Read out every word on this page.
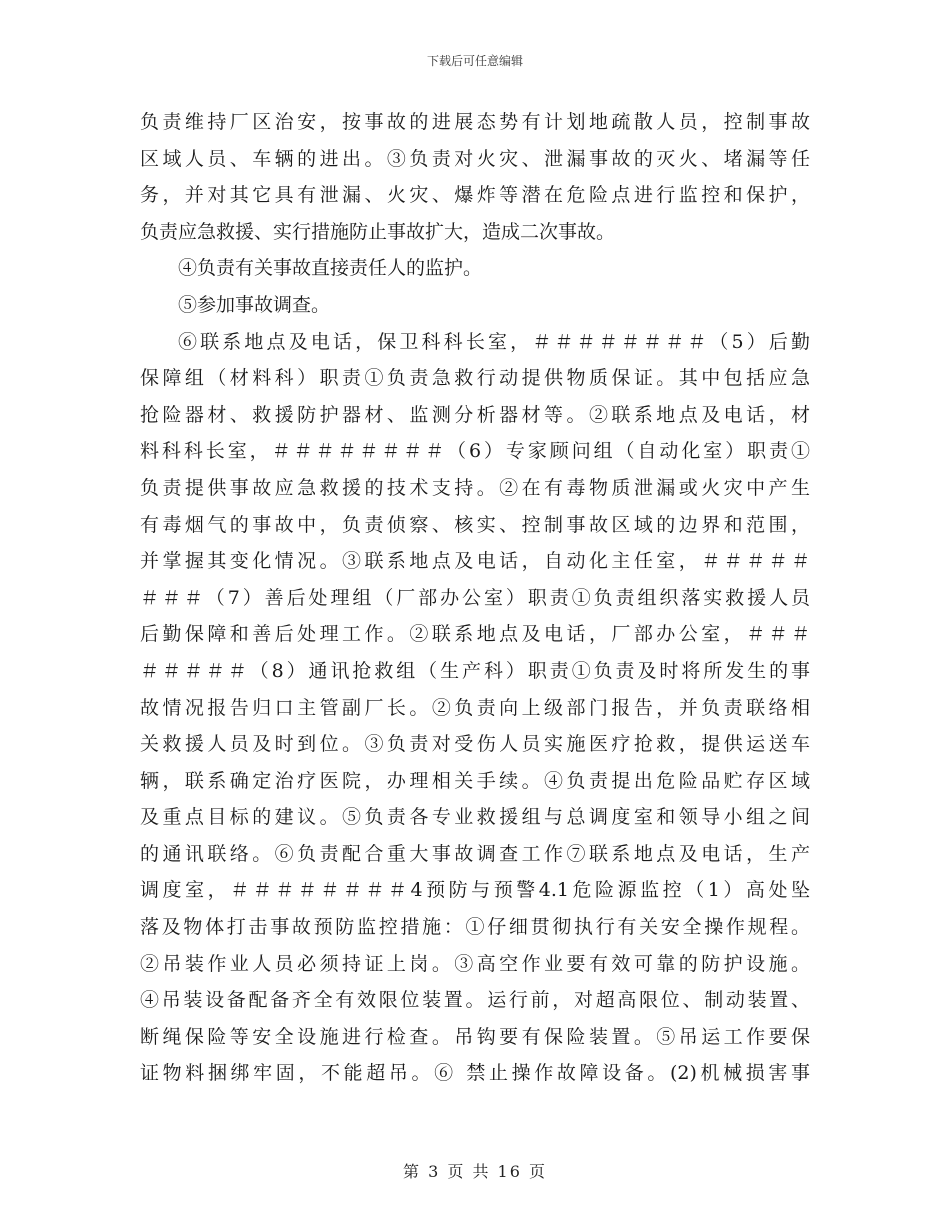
下载后可任意编辑
负责维持厂区治安，按事故的进展态势有计划地疏散人员，控制事故
区域人员、车辆的进出。③负责对火灾、泄漏事故的灭火、堵漏等任
务，并对其它具有泄漏、火灾、爆炸等潜在危险点进行监控和保护，
负责应急救援、实行措施防止事故扩大，造成二次事故。
④负责有关事故直接责任人的监护。
⑤参加事故调查。
⑥联系地点及电话，保卫科科长室，＃＃＃＃＃＃＃＃（5）后勤
保障组（材料科）职责①负责急救行动提供物质保证。其中包括应急
抢险器材、救援防护器材、监测分析器材等。②联系地点及电话，材
料科科长室，＃＃＃＃＃＃＃＃（6）专家顾问组（自动化室）职责①
负责提供事故应急救援的技术支持。②在有毒物质泄漏或火灾中产生
有毒烟气的事故中，负责侦察、核实、控制事故区域的边界和范围，
并掌握其变化情况。③联系地点及电话，自动化主任室，＃＃＃＃＃
＃＃＃（7）善后处理组（厂部办公室）职责①负责组织落实救援人员
后勤保障和善后处理工作。②联系地点及电话，厂部办公室，＃＃＃
＃＃＃＃＃（8）通讯抢救组（生产科）职责①负责及时将所发生的事
故情况报告归口主管副厂长。②负责向上级部门报告，并负责联络相
关救援人员及时到位。③负责对受伤人员实施医疗抢救，提供运送车
辆，联系确定治疗医院，办理相关手续。④负责提出危险品贮存区域
及重点目标的建议。⑤负责各专业救援组与总调度室和领导小组之间
的通讯联络。⑥负责配合重大事故调查工作⑦联系地点及电话，生产
调度室，＃＃＃＃＃＃＃＃4预防与预警4.1危险源监控（1）高处坠
落及物体打击事故预防监控措施：①仔细贯彻执行有关安全操作规程。
②吊装作业人员必须持证上岗。③高空作业要有效可靠的防护设施。
④吊装设备配备齐全有效限位装置。运行前，对超高限位、制动装置、
断绳保险等安全设施进行检查。吊钩要有保险装置。⑤吊运工作要保
证物料捆绑牢固，不能超吊。⑥ 禁止操作故障设备。(2)机械损害事
第 3 页 共 16 页
